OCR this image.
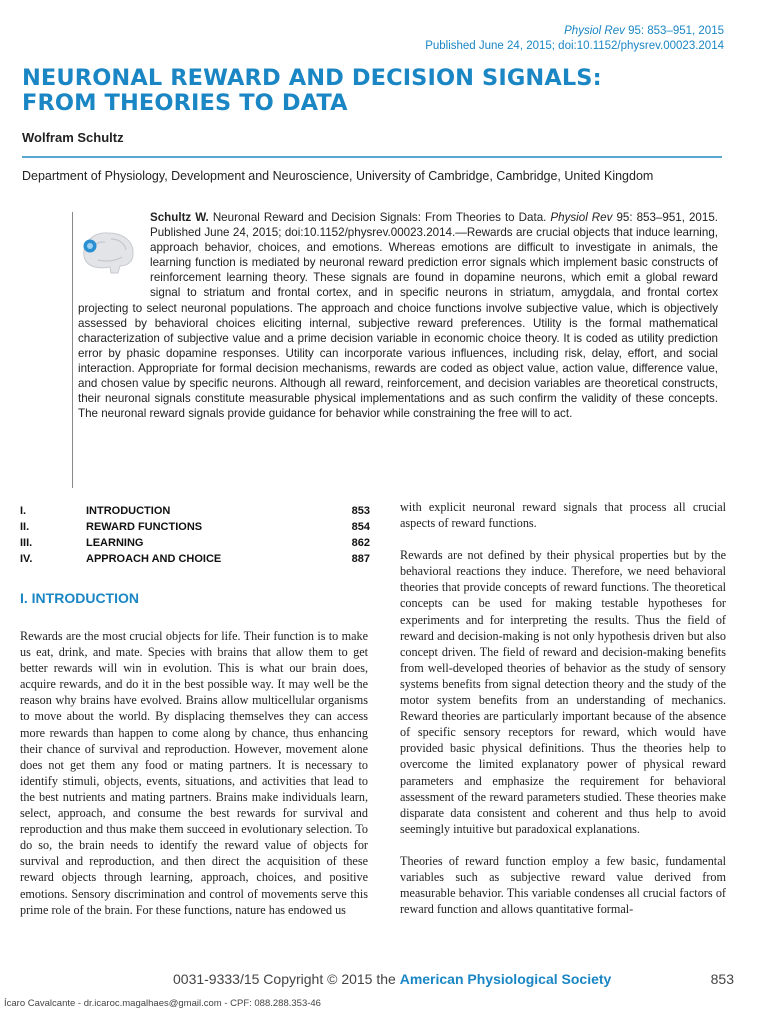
Physiol Rev 95: 853–951, 2015
Published June 24, 2015; doi:10.1152/physrev.00023.2014
NEURONAL REWARD AND DECISION SIGNALS:
FROM THEORIES TO DATA
Wolfram Schultz
Department of Physiology, Development and Neuroscience, University of Cambridge, Cambridge, United Kingdom
Schultz W. Neuronal Reward and Decision Signals: From Theories to Data. Physiol Rev 95: 853–951, 2015. Published June 24, 2015; doi:10.1152/physrev.00023.2014.—Rewards are crucial objects that induce learning, approach behavior, choices, and emotions. Whereas emotions are difficult to investigate in animals, the learning function is mediated by neuronal reward prediction error signals which implement basic constructs of reinforcement learning theory. These signals are found in dopamine neurons, which emit a global reward signal to striatum and frontal cortex, and in specific neurons in striatum, amygdala, and frontal cortex projecting to select neuronal populations. The approach and choice functions involve subjective value, which is objectively assessed by behavioral choices eliciting internal, subjective reward preferences. Utility is the formal mathematical characterization of subjective value and a prime decision variable in economic choice theory. It is coded as utility prediction error by phasic dopamine responses. Utility can incorporate various influences, including risk, delay, effort, and social interaction. Appropriate for formal decision mechanisms, rewards are coded as object value, action value, difference value, and chosen value by specific neurons. Although all reward, reinforcement, and decision variables are theoretical constructs, their neuronal signals constitute measurable physical implementations and as such confirm the validity of these concepts. The neuronal reward signals provide guidance for behavior while constraining the free will to act.
I.	INTRODUCTION	853
II.	REWARD FUNCTIONS	854
III.	LEARNING	862
IV.	APPROACH AND CHOICE	887
I. INTRODUCTION
Rewards are the most crucial objects for life. Their function is to make us eat, drink, and mate. Species with brains that allow them to get better rewards will win in evolution. This is what our brain does, acquire rewards, and do it in the best possible way. It may well be the reason why brains have evolved. Brains allow multicellular organisms to move about the world. By displacing themselves they can access more rewards than happen to come along by chance, thus enhancing their chance of survival and reproduction. However, movement alone does not get them any food or mating partners. It is necessary to identify stimuli, objects, events, situations, and activities that lead to the best nutrients and mating partners. Brains make individuals learn, select, approach, and consume the best rewards for survival and reproduction and thus make them succeed in evolutionary selection. To do so, the brain needs to identify the reward value of objects for survival and reproduction, and then direct the acquisition of these reward objects through learning, approach, choices, and positive emotions. Sensory discrimination and control of movements serve this prime role of the brain. For these functions, nature has endowed us

with explicit neuronal reward signals that process all crucial aspects of reward functions.

Rewards are not defined by their physical properties but by the behavioral reactions they induce. Therefore, we need behavioral theories that provide concepts of reward functions. The theoretical concepts can be used for making testable hypotheses for experiments and for interpreting the results. Thus the field of reward and decision-making is not only hypothesis driven but also concept driven. The field of reward and decision-making benefits from well-developed theories of behavior as the study of sensory systems benefits from signal detection theory and the study of the motor system benefits from an understanding of mechanics. Reward theories are particularly important because of the absence of specific sensory receptors for reward, which would have provided basic physical definitions. Thus the theories help to overcome the limited explanatory power of physical reward parameters and emphasize the requirement for behavioral assessment of the reward parameters studied. These theories make disparate data consistent and coherent and thus help to avoid seemingly intuitive but paradoxical explanations.

Theories of reward function employ a few basic, fundamental variables such as subjective reward value derived from measurable behavior. This variable condenses all crucial factors of reward function and allows quantitative formal-

0031-9333/15 Copyright © 2015 the American Physiological Society	853
Ícaro Cavalcante - dr.icaroc.magalhaes@gmail.com - CPF: 088.288.353-46
